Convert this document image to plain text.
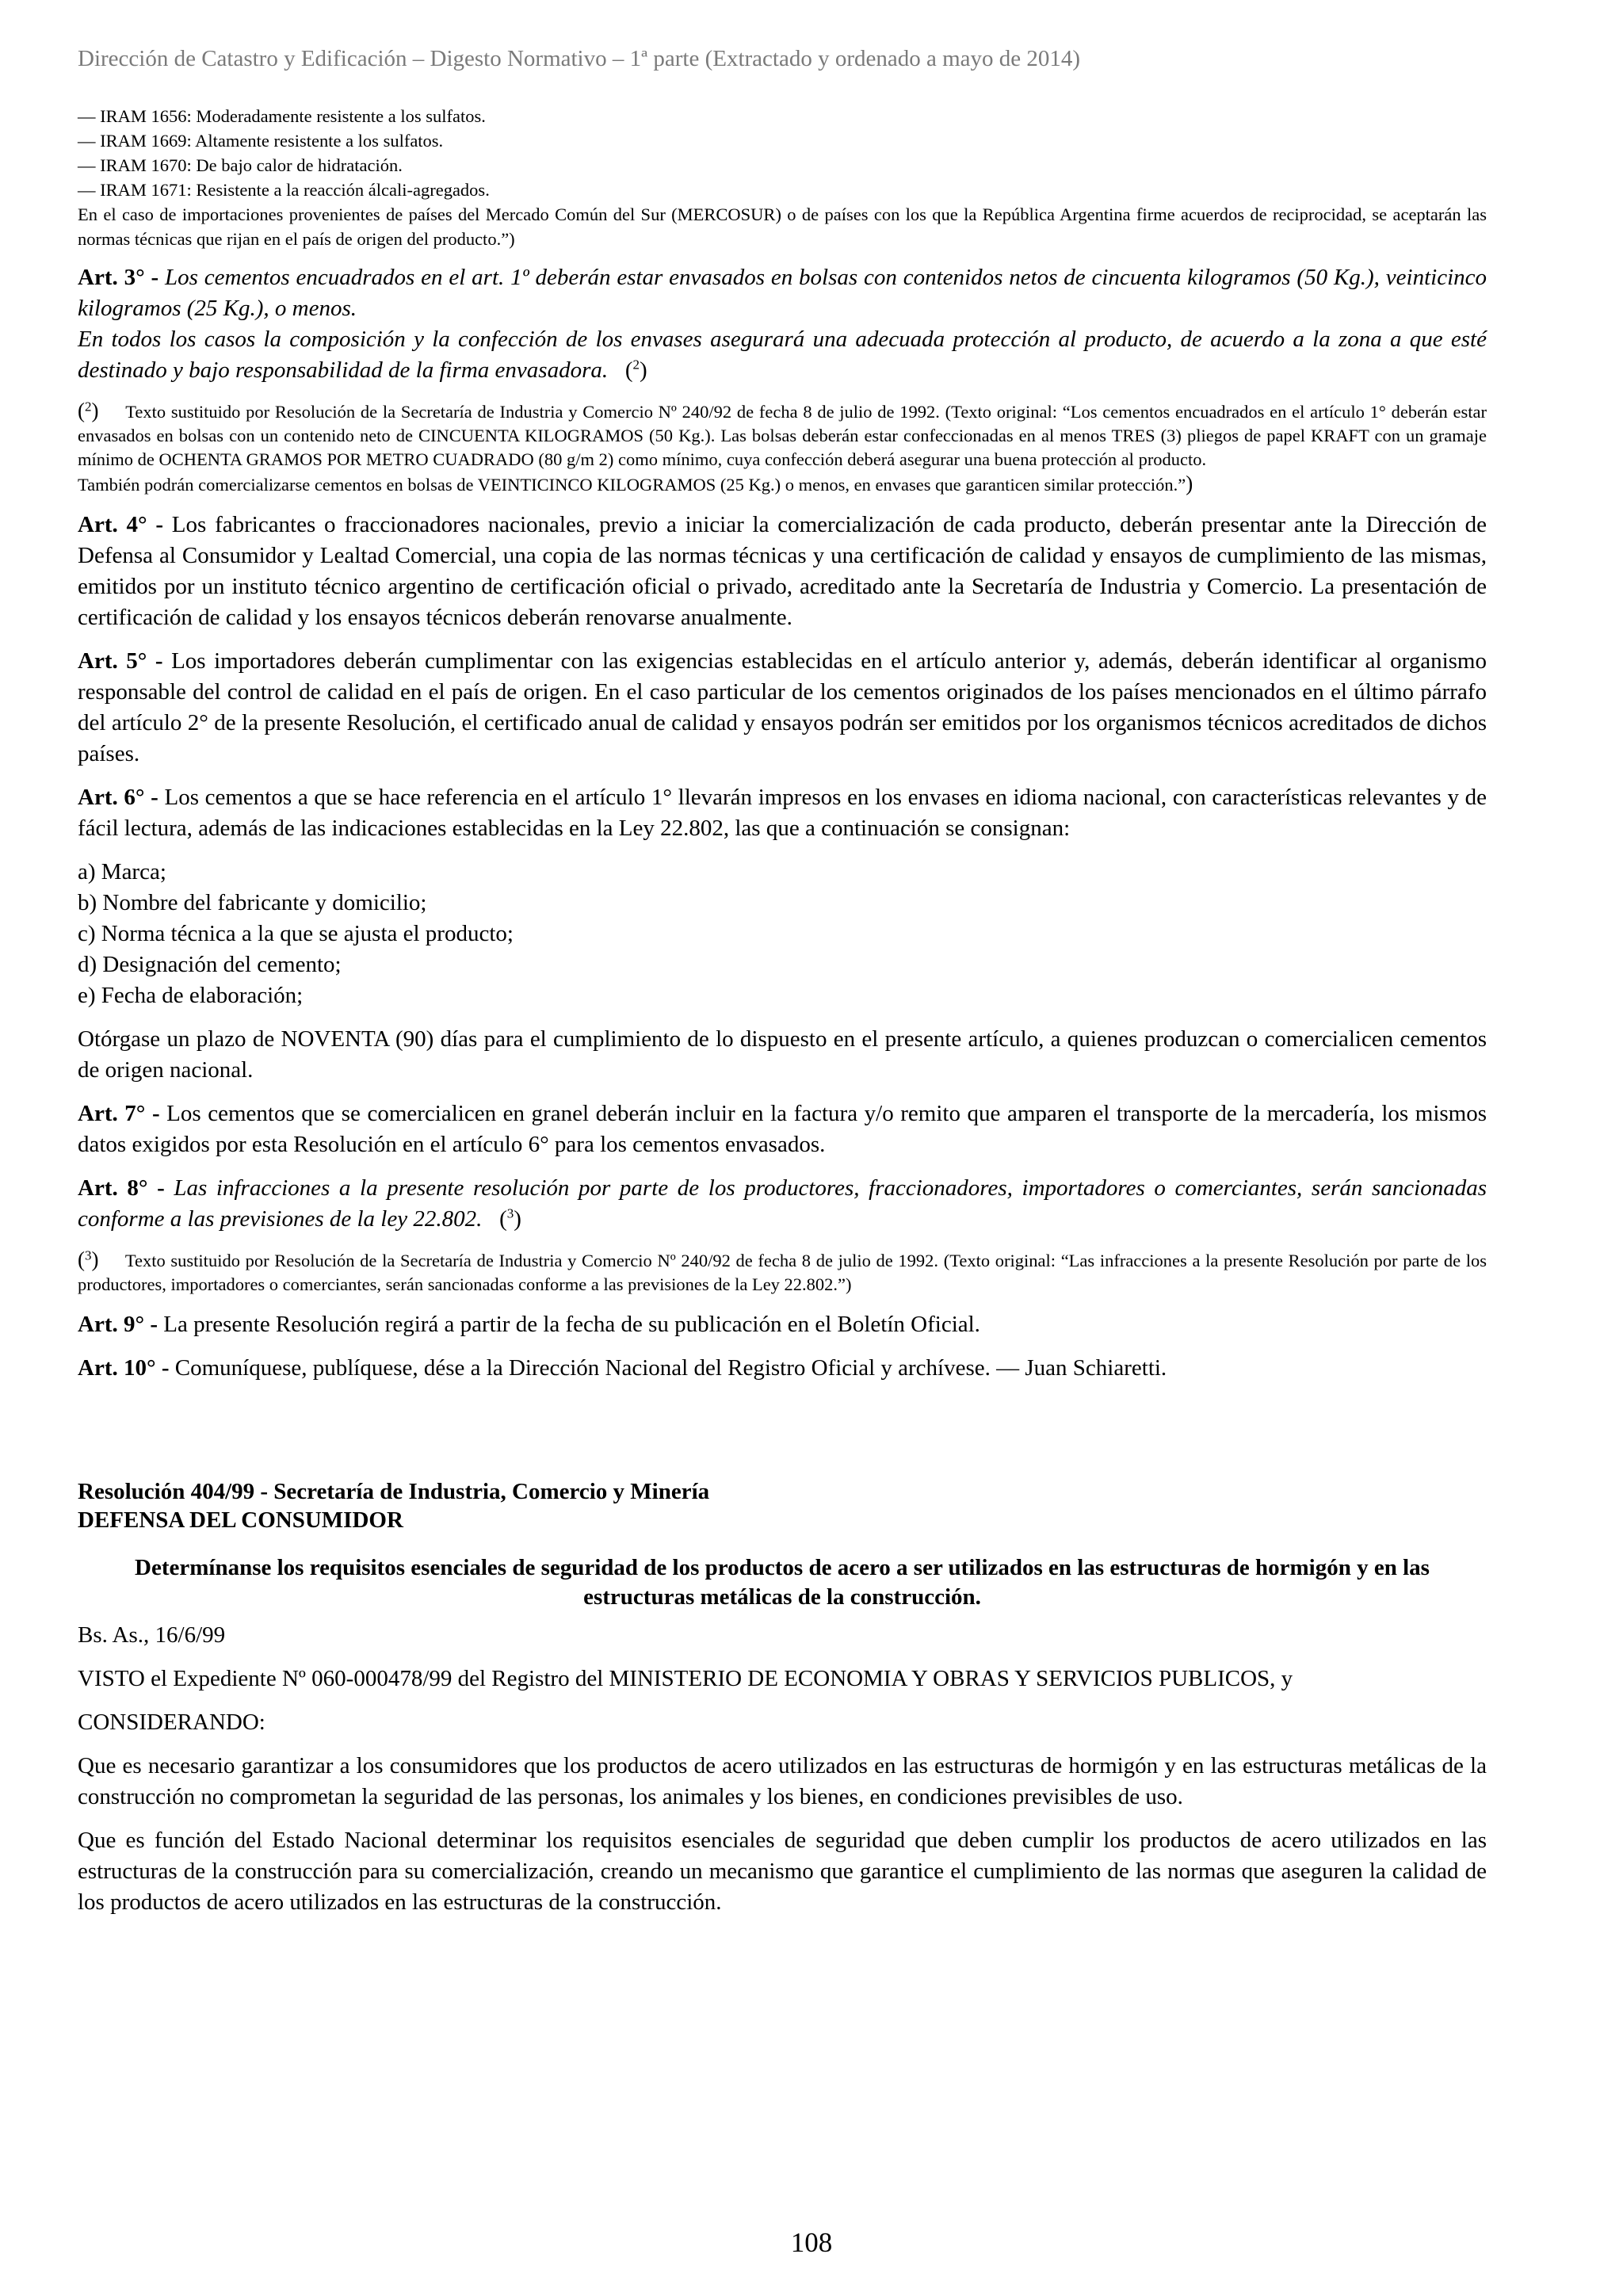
Dirección de Catastro y Edificación – Digesto Normativo – 1ª parte (Extractado y ordenado a mayo de 2014)

— IRAM 1656: Moderadamente resistente a los sulfatos.

— IRAM 1669: Altamente resistente a los sulfatos.

— IRAM 1670: De bajo calor de hidratación.

— IRAM 1671: Resistente a la reacción álcali-agregados.

En el caso de importaciones provenientes de países del Mercado Común del Sur (MERCOSUR) o de países con los que la República Argentina firme acuerdos de reciprocidad, se aceptarán las normas técnicas que rijan en el país de origen del producto.”)

Art. 3° - Los cementos encuadrados en el art. 1º deberán estar envasados en bolsas con contenidos netos de cincuenta kilogramos (50 Kg.), veinticinco kilogramos (25 Kg.), o menos.

En todos los casos la composición y la confección de los envases asegurará una adecuada protección al producto, de acuerdo a la zona a que esté destinado y bajo responsabilidad de la firma envasadora. ($^2$)

($^2$) Texto sustituido por Resolución de la Secretaría de Industria y Comercio Nº 240/92 de fecha 8 de julio de 1992. (Texto original: “Los cementos encuadrados en el artículo 1° deberán estar envasados en bolsas con un contenido neto de CINCUENTA KILOGRAMOS (50 Kg.). Las bolsas deberán estar confeccionadas en al menos TRES (3) pliegos de papel KRAFT con un gramaje mínimo de OCHENTA GRAMOS POR METRO CUADRADO (80 g/m 2) como mínimo, cuya confección deberá asegurar una buena protección al producto.
También podrán comercializarse cementos en bolsas de VEINTICINCO KILOGRAMOS (25 Kg.) o menos, en envases que garanticen similar protección.”)

Art. 4° - Los fabricantes o fraccionadores nacionales, previo a iniciar la comercialización de cada producto, deberán presentar ante la Dirección de Defensa al Consumidor y Lealtad Comercial, una copia de las normas técnicas y una certificación de calidad y ensayos de cumplimiento de las mismas, emitidos por un instituto técnico argentino de certificación oficial o privado, acreditado ante la Secretaría de Industria y Comercio. La presentación de certificación de calidad y los ensayos técnicos deberán renovarse anualmente.

Art. 5° - Los importadores deberán cumplimentar con las exigencias establecidas en el artículo anterior y, además, deberán identificar al organismo responsable del control de calidad en el país de origen. En el caso particular de los cementos originados de los países mencionados en el último párrafo del artículo 2° de la presente Resolución, el certificado anual de calidad y ensayos podrán ser emitidos por los organismos técnicos acreditados de dichos países.

Art. 6° - Los cementos a que se hace referencia en el artículo 1° llevarán impresos en los envases en idioma nacional, con características relevantes y de fácil lectura, además de las indicaciones establecidas en la Ley 22.802, las que a continuación se consignan:

a) Marca;
b) Nombre del fabricante y domicilio;
c) Norma técnica a la que se ajusta el producto;
d) Designación del cemento;
e) Fecha de elaboración;

Otórgase un plazo de NOVENTA (90) días para el cumplimiento de lo dispuesto en el presente artículo, a quienes produzcan o comercialicen cementos de origen nacional.

Art. 7° - Los cementos que se comercialicen en granel deberán incluir en la factura y/o remito que amparen el transporte de la mercadería, los mismos datos exigidos por esta Resolución en el artículo 6° para los cementos envasados.

Art. 8° - Las infracciones a la presente resolución por parte de los productores, fraccionadores, importadores o comerciantes, serán sancionadas conforme a las previsiones de la ley 22.802. ($^3$)

($^3$) Texto sustituido por Resolución de la Secretaría de Industria y Comercio Nº 240/92 de fecha 8 de julio de 1992. (Texto original: “Las infracciones a la presente Resolución por parte de los productores, importadores o comerciantes, serán sancionadas conforme a las previsiones de la Ley 22.802.”)

Art. 9° - La presente Resolución regirá a partir de la fecha de su publicación en el Boletín Oficial.

Art. 10° - Comuníquese, publíquese, dése a la Dirección Nacional del Registro Oficial y archívese. — Juan Schiaretti.

Resolución 404/99 - Secretaría de Industria, Comercio y Minería

DEFENSA DEL CONSUMIDOR

Determínanse los requisitos esenciales de seguridad de los productos de acero a ser utilizados en las estructuras de hormigón y en las estructuras metálicas de la construcción.

Bs. As., 16/6/99

VISTO el Expediente Nº 060-000478/99 del Registro del MINISTERIO DE ECONOMIA Y OBRAS Y SERVICIOS PUBLICOS, y

CONSIDERANDO:

Que es necesario garantizar a los consumidores que los productos de acero utilizados en las estructuras de hormigón y en las estructuras metálicas de la construcción no comprometan la seguridad de las personas, los animales y los bienes, en condiciones previsibles de uso.

Que es función del Estado Nacional determinar los requisitos esenciales de seguridad que deben cumplir los productos de acero utilizados en las estructuras de la construcción para su comercialización, creando un mecanismo que garantice el cumplimiento de las normas que aseguren la calidad de los productos de acero utilizados en las estructuras de la construcción.

108
